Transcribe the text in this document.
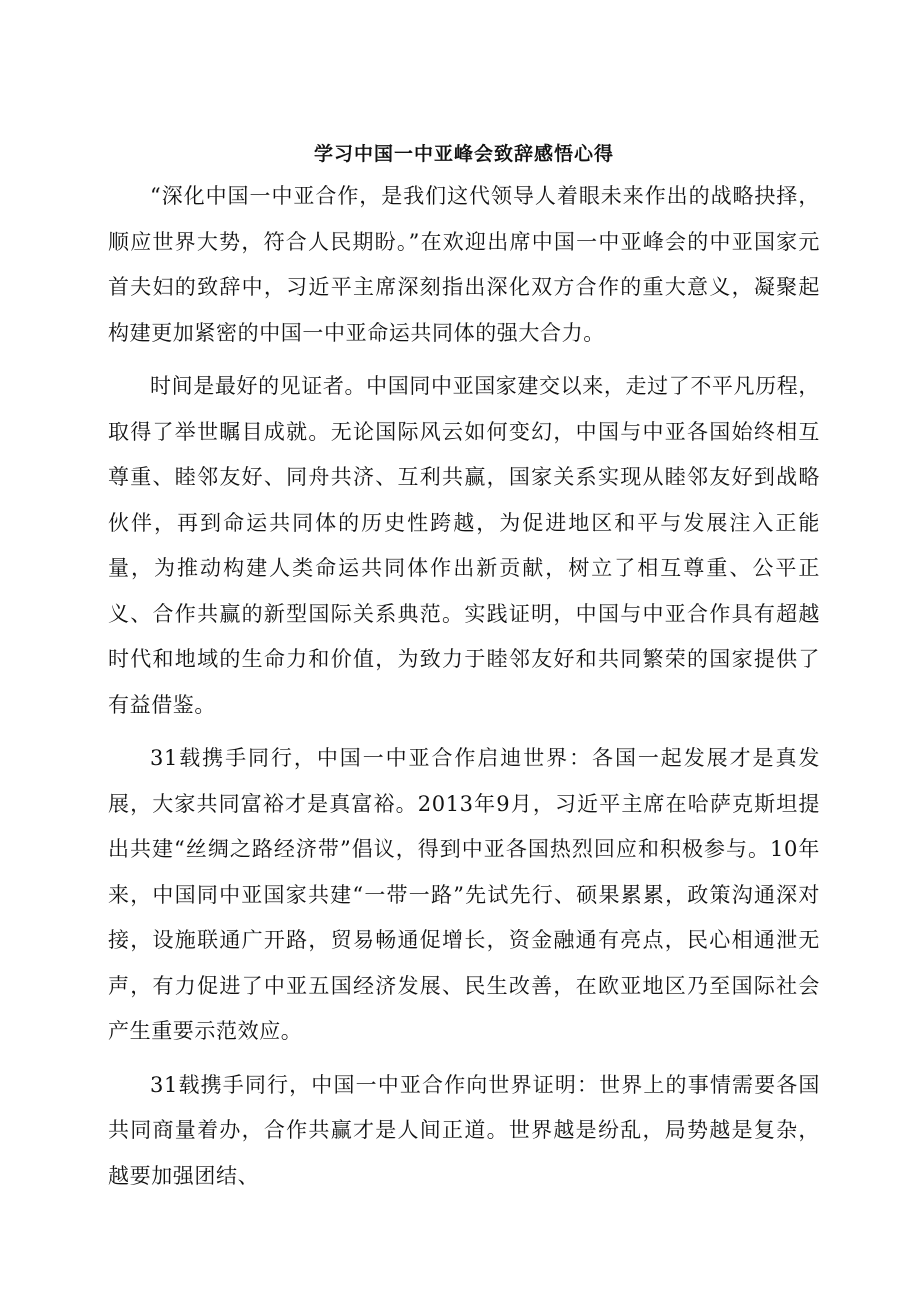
学习中国一中亚峰会致辞感悟心得

“深化中国一中亚合作，是我们这代领导人着眼未来作出的战略抉择，顺应世界大势，符合人民期盼。”在欢迎出席中国一中亚峰会的中亚国家元首夫妇的致辞中，习近平主席深刻指出深化双方合作的重大意义，凝聚起构建更加紧密的中国一中亚命运共同体的强大合力。

时间是最好的见证者。中国同中亚国家建交以来，走过了不平凡历程，取得了举世瞩目成就。无论国际风云如何变幻，中国与中亚各国始终相互尊重、睦邻友好、同舟共济、互利共赢，国家关系实现从睦邻友好到战略伙伴，再到命运共同体的历史性跨越，为促进地区和平与发展注入正能量，为推动构建人类命运共同体作出新贡献，树立了相互尊重、公平正义、合作共赢的新型国际关系典范。实践证明，中国与中亚合作具有超越时代和地域的生命力和价值，为致力于睦邻友好和共同繁荣的国家提供了有益借鉴。

31载携手同行，中国一中亚合作启迪世界：各国一起发展才是真发展，大家共同富裕才是真富裕。2013年9月，习近平主席在哈萨克斯坦提出共建“丝绸之路经济带”倡议，得到中亚各国热烈回应和积极参与。10年来，中国同中亚国家共建“一带一路”先试先行、硕果累累，政策沟通深对接，设施联通广开路，贸易畅通促增长，资金融通有亮点，民心相通泄无声，有力促进了中亚五国经济发展、民生改善，在欧亚地区乃至国际社会产生重要示范效应。

31载携手同行，中国一中亚合作向世界证明：世界上的事情需要各国共同商量着办，合作共赢才是人间正道。世界越是纷乱，局势越是复杂，越要加强团结、
